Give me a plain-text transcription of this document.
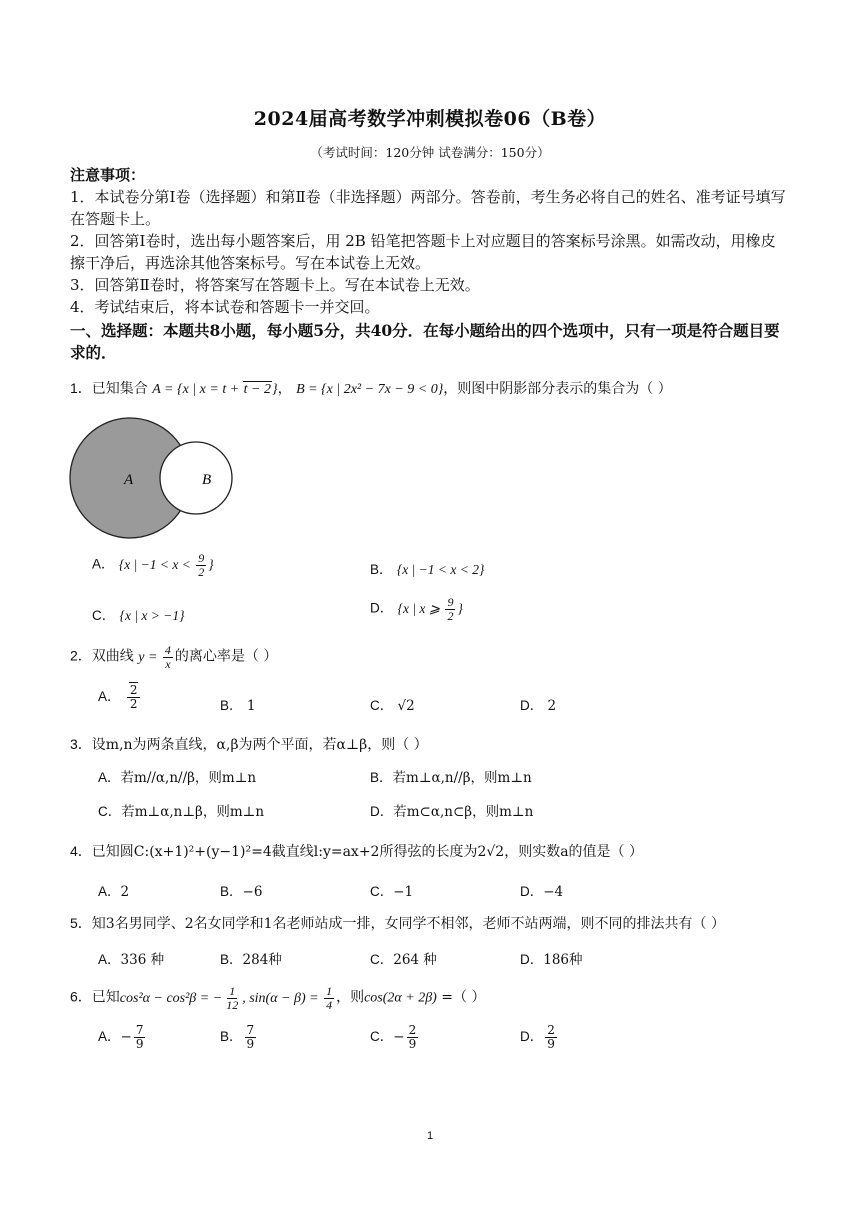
2024届高考数学冲刺模拟卷06（B卷）
（考试时间：120分钟 试卷满分：150分）

注意事项：

1．本试卷分第Ⅰ卷（选择题）和第Ⅱ卷（非选择题）两部分。答卷前，考生务必将自己的姓名、准考证号填写在答题卡上。

2．回答第Ⅰ卷时，选出每小题答案后，用 2B 铅笔把答题卡上对应题目的答案标号涂黑。如需改动，用橡皮擦干净后，再选涂其他答案标号。写在本试卷上无效。

3．回答第Ⅱ卷时，将答案写在答题卡上。写在本试卷上无效。

4．考试结束后，将本试卷和答题卡一并交回。

一、选择题：本题共8小题，每小题5分，共40分．在每小题给出的四个选项中，只有一项是符合题目要求的．
1．已知集合 A = {x | x = t + t − 2}， B = {x | 2x² − 7x − 9 < 0}，则图中阴影部分表示的集合为（ ）
A	B
A． {x | $-1 < x < \frac{9}{2}$ }	B． {x | −1 < x < 2}
C． {x | x > −1}	D． {x | x ⩾ $\frac{9}{2}$ }
2．双曲线 $y = \frac{4}{x}$ 的离心率是（ ）
A． $\frac{2}{2}$	B． 1	C． √2	D． 2
3．设m,n为两条直线，α,β为两个平面，若α⊥β，则（ ）
A．若m//α,n//β，则m⊥n	B．若m⊥α,n//β，则m⊥n
C．若m⊥α,n⊥β，则m⊥n	D．若m⊂α,n⊂β，则m⊥n
4．已知圆C:(x+1)²+(y−1)²=4截直线l:y=ax+2所得弦的长度为2√2，则实数a的值是（ ）
A．2	B．−6	C．−1	D．−4
5．知3名男同学、2名女同学和1名老师站成一排，女同学不相邻，老师不站两端，则不同的排法共有（ ）
A．336 种	B．284种	C．264 种	D．186种
6．已知cos²α − cos²β = − $\frac{1}{12}$ , $\sin(\alpha - \beta) = \frac{1}{4}$ ，则cos(2α + 2β) =（ ）
A．− $\frac{7}{9}$	B． $\frac{7}{9}$	C．− $\frac{2}{9}$	D． $\frac{2}{9}$
1
